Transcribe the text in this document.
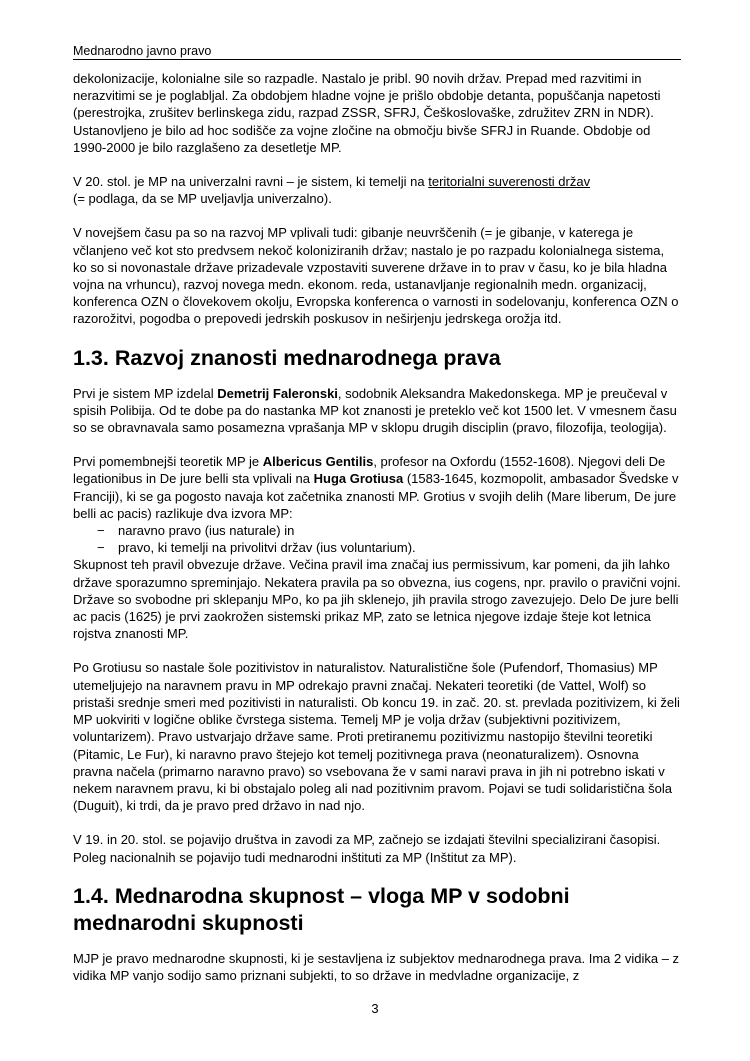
Mednarodno javno pravo

dekolonizacije, kolonialne sile so razpadle. Nastalo je pribl. 90 novih držav. Prepad med razvitimi in nerazvitimi se je poglabljal. Za obdobjem hladne vojne je prišlo obdobje detanta, popuščanja napetosti (perestrojka, zrušitev berlinskega zidu, razpad ZSSR, SFRJ, Češkoslovaške, združitev ZRN in NDR). Ustanovljeno je bilo ad hoc sodišče za vojne zločine na območju bivše SFRJ in Ruande. Obdobje od 1990-2000 je bilo razglašeno za desetletje MP.

V 20. stol. je MP na univerzalni ravni – je sistem, ki temelji na teritorialni suverenosti držav
(= podlaga, da se MP uveljavlja univerzalno).

V novejšem času pa so na razvoj MP vplivali tudi: gibanje neuvrščenih (= je gibanje, v katerega je včlanjeno več kot sto predvsem nekoč koloniziranih držav; nastalo je po razpadu kolonialnega sistema, ko so si novonastale države prizadevale vzpostaviti suverene države in to prav v času, ko je bila hladna vojna na vrhuncu), razvoj novega medn. ekonom. reda, ustanavljanje regionalnih medn. organizacij, konferenca OZN o človekovem okolju, Evropska konferenca o varnosti in sodelovanju, konferenca OZN o razorožitvi, pogodba o prepovedi jedrskih poskusov in neširjenju jedrskega orožja itd.

1.3. Razvoj znanosti mednarodnega prava

Prvi je sistem MP izdelal Demetrij Faleronski, sodobnik Aleksandra Makedonskega. MP je preučeval v spisih Polibija. Od te dobe pa do nastanka MP kot znanosti je preteklo več kot 1500 let. V vmesnem času so se obravnavala samo posamezna vprašanja MP v sklopu drugih disciplin (pravo, filozofija, teologija).

Prvi pomembnejši teoretik MP je Albericus Gentilis, profesor na Oxfordu (1552-1608). Njegovi deli De legationibus in De jure belli sta vplivali na Huga Grotiusa (1583-1645, kozmopolit, ambasador Švedske v Franciji), ki se ga pogosto navaja kot začetnika znanosti MP. Grotius v svojih delih (Mare liberum, De jure belli ac pacis) razlikuje dva izvora MP:
− naravno pravo (ius naturale) in
− pravo, ki temelji na privolitvi držav (ius voluntarium).
Skupnost teh pravil obvezuje države. Večina pravil ima značaj ius permissivum, kar pomeni, da jih lahko države sporazumno spreminjajo. Nekatera pravila pa so obvezna, ius cogens, npr. pravilo o pravični vojni. Države so svobodne pri sklepanju MPo, ko pa jih sklenejo, jih pravila strogo zavezujejo. Delo De jure belli ac pacis (1625) je prvi zaokrožen sistemski prikaz MP, zato se letnica njegove izdaje šteje kot letnica rojstva znanosti MP.

Po Grotiusu so nastale šole pozitivistov in naturalistov. Naturalistične šole (Pufendorf, Thomasius) MP utemeljujejo na naravnem pravu in MP odrekajo pravni značaj. Nekateri teoretiki (de Vattel, Wolf) so pristaši srednje smeri med pozitivisti in naturalisti. Ob koncu 19. in zač. 20. st. prevlada pozitivizem, ki želi MP uokviriti v logične oblike čvrstega sistema. Temelj MP je volja držav (subjektivni pozitivizem, voluntarizem). Pravo ustvarjajo države same. Proti pretiranemu pozitivizmu nastopijo številni teoretiki (Pitamic, Le Fur), ki naravno pravo štejejo kot temelj pozitivnega prava (neonaturalizem). Osnovna pravna načela (primarno naravno pravo) so vsebovana že v sami naravi prava in jih ni potrebno iskati v nekem naravnem pravu, ki bi obstajalo poleg ali nad pozitivnim pravom. Pojavi se tudi solidaristična šola (Duguit), ki trdi, da je pravo pred državo in nad njo.

V 19. in 20. stol. se pojavijo društva in zavodi za MP, začnejo se izdajati številni specializirani časopisi. Poleg nacionalnih se pojavijo tudi mednarodni inštituti za MP (Inštitut za MP).

1.4. Mednarodna skupnost – vloga MP v sodobni mednarodni skupnosti

MJP je pravo mednarodne skupnosti, ki je sestavljena iz subjektov mednarodnega prava. Ima 2 vidika – z vidika MP vanjo sodijo samo priznani subjekti, to so države in medvladne organizacije, z

3
